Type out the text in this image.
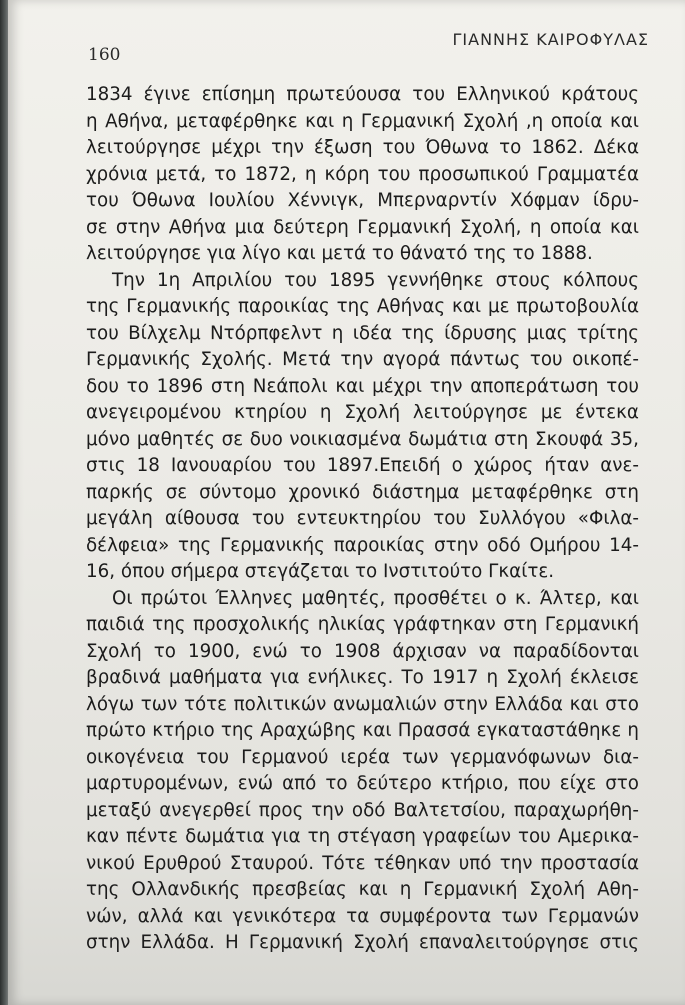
160
ΓΙΑΝΝΗΣ ΚΑΙΡΟΦΥΛΑΣ
1834 έγινε επίσημη πρωτεύουσα του Ελληνικού κράτους
η Αθήνα, μεταφέρθηκε και η Γερμανική Σχολή ,η οποία και
λειτούργησε μέχρι την έξωση του Όθωνα το 1862. Δέκα
χρόνια μετά, το 1872, η κόρη του προσωπικού Γραμματέα
του Όθωνα Ιουλίου Χέννιγκ, Μπερναρντίν Χόφμαν ίδρυ-
σε στην Αθήνα μια δεύτερη Γερμανική Σχολή, η οποία και
λειτούργησε για λίγο και μετά το θάνατό της το 1888.
Την 1η Απριλίου του 1895 γεννήθηκε στους κόλπους
της Γερμανικής παροικίας της Αθήνας και με πρωτοβουλία
του Βίλχελμ Ντόρπφελντ η ιδέα της ίδρυσης μιας τρίτης
Γερμανικής Σχολής. Μετά την αγορά πάντως του οικοπέ-
δου το 1896 στη Νεάπολι και μέχρι την αποπεράτωση του
ανεγειρομένου κτηρίου η Σχολή λειτούργησε με έντεκα
μόνο μαθητές σε δυο νοικιασμένα δωμάτια στη Σκουφά 35,
στις 18 Ιανουαρίου του 1897.Επειδή ο χώρος ήταν ανε-
παρκής σε σύντομο χρονικό διάστημα μεταφέρθηκε στη
μεγάλη αίθουσα του εντευκτηρίου του Συλλόγου «Φιλα-
δέλφεια» της Γερμανικής παροικίας στην οδό Ομήρου 14-
16, όπου σήμερα στεγάζεται το Ινστιτούτο Γκαίτε.
Οι πρώτοι Έλληνες μαθητές, προσθέτει ο κ. Άλτερ, και
παιδιά της προσχολικής ηλικίας γράφτηκαν στη Γερμανική
Σχολή το 1900, ενώ το 1908 άρχισαν να παραδίδονται
βραδινά μαθήματα για ενήλικες. Το 1917 η Σχολή έκλεισε
λόγω των τότε πολιτικών ανωμαλιών στην Ελλάδα και στο
πρώτο κτήριο της Αραχώβης και Πρασσά εγκαταστάθηκε η
οικογένεια του Γερμανού ιερέα των γερμανόφωνων δια-
μαρτυρομένων, ενώ από το δεύτερο κτήριο, που είχε στο
μεταξύ ανεγερθεί προς την οδό Βαλτετσίου, παραχωρήθη-
καν πέντε δωμάτια για τη στέγαση γραφείων του Αμερικα-
νικού Ερυθρού Σταυρού. Τότε τέθηκαν υπό την προστασία
της Ολλανδικής πρεσβείας και η Γερμανική Σχολή Αθη-
νών, αλλά και γενικότερα τα συμφέροντα των Γερμανών
στην Ελλάδα. Η Γερμανική Σχολή επαναλειτούργησε στις
